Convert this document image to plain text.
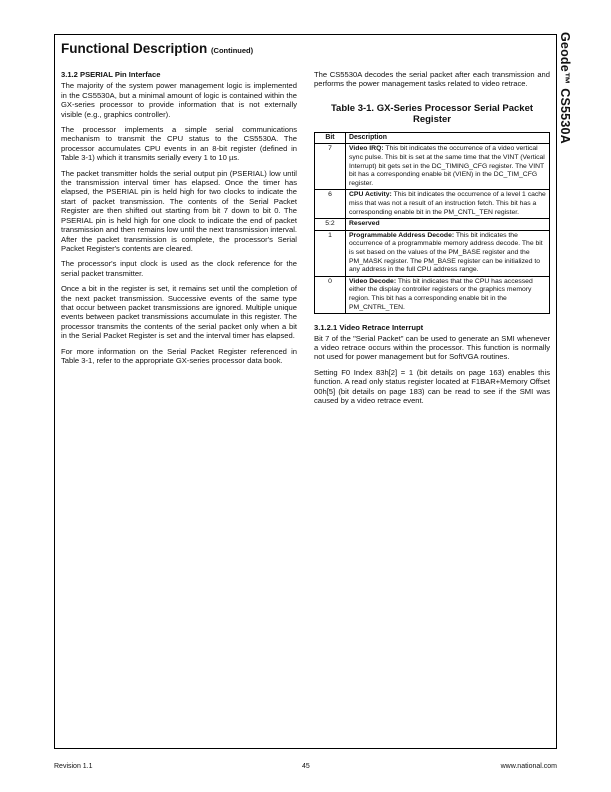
Geode™ CS5530A
Functional Description (Continued)
3.1.2 PSERIAL Pin Interface

The majority of the system power management logic is implemented in the CS5530A, but a minimal amount of logic is contained within the GX-series processor to provide information that is not externally visible (e.g., graphics controller).

The processor implements a simple serial communications mechanism to transmit the CPU status to the CS5530A. The processor accumulates CPU events in an 8-bit register (defined in Table 3-1) which it transmits serially every 1 to 10 µs.

The packet transmitter holds the serial output pin (PSERIAL) low until the transmission interval timer has elapsed. Once the timer has elapsed, the PSERIAL pin is held high for two clocks to indicate the start of packet transmission. The contents of the Serial Packet Register are then shifted out starting from bit 7 down to bit 0. The PSERIAL pin is held high for one clock to indicate the end of packet transmission and then remains low until the next transmission interval. After the packet transmission is complete, the processor's Serial Packet Register's contents are cleared.

The processor's input clock is used as the clock reference for the serial packet transmitter.

Once a bit in the register is set, it remains set until the completion of the next packet transmission. Successive events of the same type that occur between packet transmissions are ignored. Multiple unique events between packet transmissions accumulate in this register. The processor transmits the contents of the serial packet only when a bit in the Serial Packet Register is set and the interval timer has elapsed.

For more information on the Serial Packet Register referenced in Table 3-1, refer to the appropriate GX-series processor data book.

The CS5530A decodes the serial packet after each transmission and performs the power management tasks related to video retrace.

Table 3-1. GX-Series Processor Serial Packet Register
Bit	Description
7	Video IRQ: This bit indicates the occurrence of a video vertical sync pulse. This bit is set at the same time that the VINT (Vertical Interrupt) bit gets set in the DC_TIMING_CFG register. The VINT bit has a corresponding enable bit (VIEN) in the DC_TIM_CFG register.
6	CPU Activity: This bit indicates the occurrence of a level 1 cache miss that was not a result of an instruction fetch. This bit has a corresponding enable bit in the PM_CNTL_TEN register.
5:2	Reserved
1	Programmable Address Decode: This bit indicates the occurrence of a programmable memory address decode. The bit is set based on the values of the PM_BASE register and the PM_MASK register. The PM_BASE register can be initialized to any address in the full CPU address range.
0	Video Decode: This bit indicates that the CPU has accessed either the display controller registers or the graphics memory region. This bit has a corresponding enable bit in the PM_CNTRL_TEN.
3.1.2.1 Video Retrace Interrupt

Bit 7 of the "Serial Packet" can be used to generate an SMI whenever a video retrace occurs within the processor. This function is normally not used for power management but for SoftVGA routines.

Setting F0 Index 83h[2] = 1 (bit details on page 163) enables this function. A read only status register located at F1BAR+Memory Offset 00h[5] (bit details on page 183) can be read to see if the SMI was caused by a video retrace event.

Revision 1.1	45	www.national.com
